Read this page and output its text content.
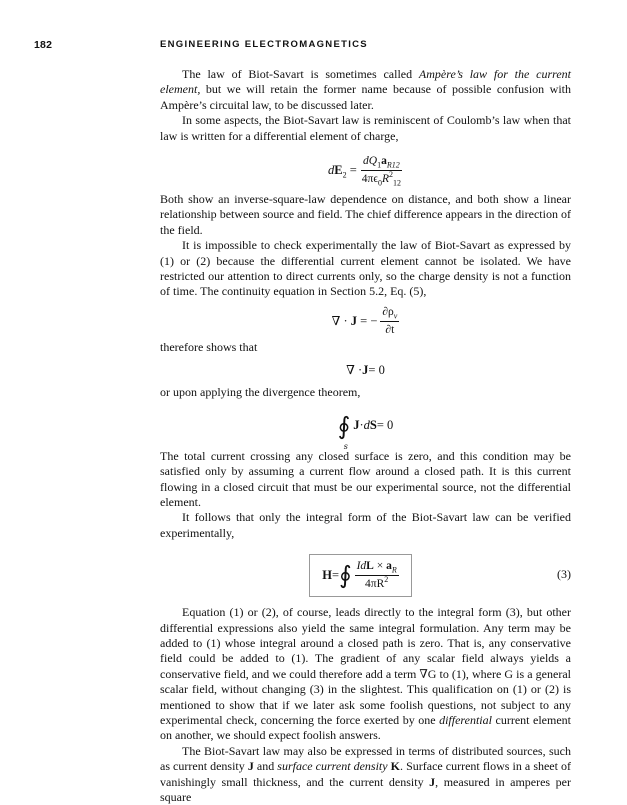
182	ENGINEERING ELECTROMAGNETICS

The law of Biot-Savart is sometimes called Ampère’s law for the current element, but we will retain the former name because of possible confusion with Ampère’s circuital law, to be discussed later.

In some aspects, the Biot-Savart law is reminiscent of Coulomb’s law when that law is written for a differential element of charge,

$dE_2 = \frac{dQ_1a_{R12}}{4\pi\epsilon_0R^2_{12}}$

Both show an inverse-square-law dependence on distance, and both show a linear relationship between source and field. The chief difference appears in the direction of the field.

It is impossible to check experimentally the law of Biot-Savart as expressed by (1) or (2) because the differential current element cannot be isolated. We have restricted our attention to direct currents only, so the charge density is not a function of time. The continuity equation in Section 5.2, Eq. (5),

∇ · J = − $\frac{\partial\rho_v}{\partial t}$

therefore shows that

∇ · J = 0

or upon applying the divergence theorem,

∮
s
J · d S = 0

The total current crossing any closed surface is zero, and this condition may be satisfied only by assuming a current flow around a closed path. It is this current flowing in a closed circuit that must be our experimental source, not the differential element.

It follows that only the integral form of the Biot-Savart law can be verified experimentally,

H = ∮ $\frac{IdL \times a_R}{4\pi R^2}$	(3)

Equation (1) or (2), of course, leads directly to the integral form (3), but other differential expressions also yield the same integral formulation. Any term may be added to (1) whose integral around a closed path is zero. That is, any conservative field could be added to (1). The gradient of any scalar field always yields a conservative field, and we could therefore add a term ∇G to (1), where G is a general scalar field, without changing (3) in the slightest. This qualification on (1) or (2) is mentioned to show that if we later ask some foolish questions, not subject to any experimental check, concerning the force exerted by one differential current element on another, we should expect foolish answers.

The Biot-Savart law may also be expressed in terms of distributed sources, such as current density J and surface current density K. Surface current flows in a sheet of vanishingly small thickness, and the current density J, measured in amperes per square
